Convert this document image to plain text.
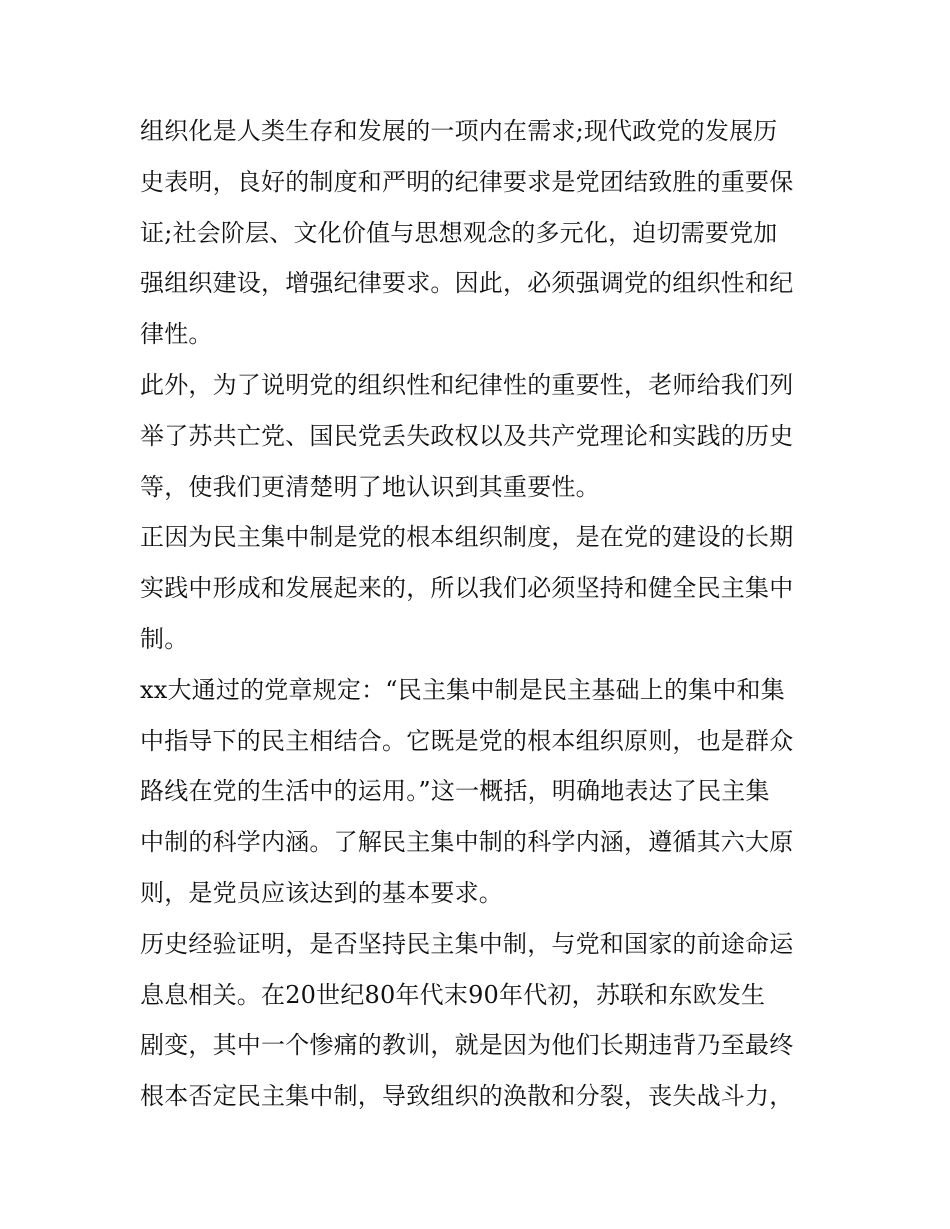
组织化是人类生存和发展的一项内在需求;现代政党的发展历
史表明，良好的制度和严明的纪律要求是党团结致胜的重要保
证;社会阶层、文化价值与思想观念的多元化，迫切需要党加
强组织建设，增强纪律要求。因此，必须强调党的组织性和纪
律性。

此外，为了说明党的组织性和纪律性的重要性，老师给我们列
举了苏共亡党、国民党丢失政权以及共产党理论和实践的历史
等，使我们更清楚明了地认识到其重要性。

正因为民主集中制是党的根本组织制度，是在党的建设的长期
实践中形成和发展起来的，所以我们必须坚持和健全民主集中
制。

xx大通过的党章规定：“民主集中制是民主基础上的集中和集
中指导下的民主相结合。它既是党的根本组织原则，也是群众
路线在党的生活中的运用。”这一概括，明确地表达了民主集
中制的科学内涵。了解民主集中制的科学内涵，遵循其六大原
则，是党员应该达到的基本要求。

历史经验证明，是否坚持民主集中制，与党和国家的前途命运
息息相关。在20世纪80年代末90年代初，苏联和东欧发生
剧变，其中一个惨痛的教训，就是因为他们长期违背乃至最终
根本否定民主集中制，导致组织的涣散和分裂，丧失战斗力，
